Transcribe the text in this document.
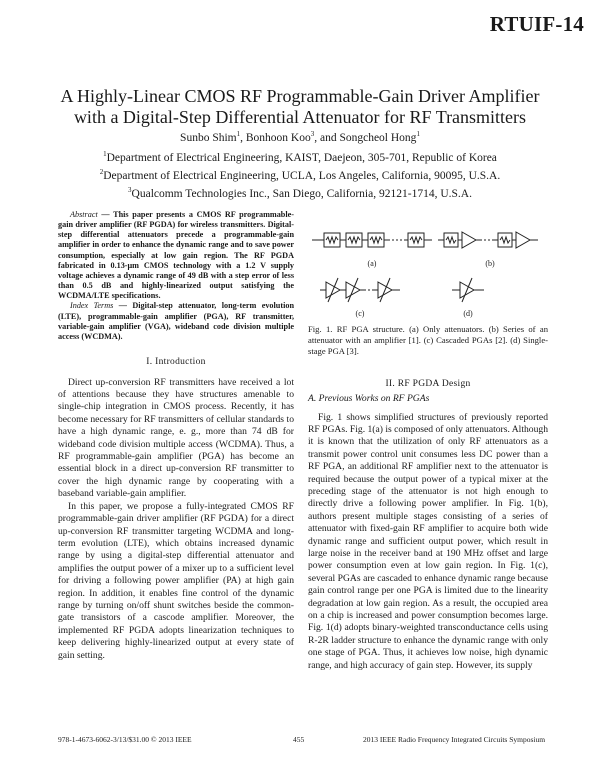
RTUIF-14
A Highly-Linear CMOS RF Programmable-Gain Driver Amplifier
with a Digital-Step Differential Attenuator for RF Transmitters
Sunbo Shim$^1$, Bonhoon Koo$^3$, and Songcheol Hong$^1$
$^1$Department of Electrical Engineering, KAIST, Daejeon, 305-701, Republic of Korea
$^2$Department of Electrical Engineering, UCLA, Los Angeles, California, 90095, U.S.A.
$^3$Qualcomm Technologies Inc., San Diego, California, 92121-1714, U.S.A.

Abstract — This paper presents a CMOS RF programmable-gain driver amplifier (RF PGDA) for wireless transmitters. Digital-step differential attenuators precede a programmable-gain amplifier in order to enhance the dynamic range and to save power consumption, especially at low gain region. The RF PGDA fabricated in 0.13-μm CMOS technology with a 1.2 V supply voltage achieves a dynamic range of 49 dB with a step error of less than 0.5 dB and highly-linearized output satisfying the WCDMA/LTE specifications.

Index Terms — Digital-step attenuator, long-term evolution (LTE), programmable-gain amplifier (PGA), RF transmitter, variable-gain amplifier (VGA), wideband code division multiple access (WCDMA).

I. Introduction

Direct up-conversion RF transmitters have received a lot of attentions because they have structures amenable to single-chip integration in CMOS process. Recently, it has become necessary for RF transmitters of cellular standards to have a high dynamic range, e. g., more than 74 dB for wideband code division multiple access (WCDMA). Thus, a RF programmable-gain amplifier (PGA) has become an essential block in a direct up-conversion RF transmitter to cover the high dynamic range by cooperating with a baseband variable-gain amplifier.

In this paper, we propose a fully-integrated CMOS RF programmable-gain driver amplifier (RF PGDA) for a direct up-conversion RF transmitter targeting WCDMA and long-term evolution (LTE), which obtains increased dynamic range by using a digital-step differential attenuator and amplifies the output power of a mixer up to a sufficient level for driving a following power amplifier (PA) at high gain region. In addition, it enables fine control of the dynamic range by turning on/off shunt switches beside the common-gate transistors of a cascode amplifier. Moreover, the implemented RF PGDA adopts linearization techniques to keep delivering highly-linearized output at every state of gain setting.

(a)	(b)
(c)	(d)

Fig. 1. RF PGA structure. (a) Only attenuators. (b) Series of an attenuator with an amplifier [1]. (c) Cascaded PGAs [2]. (d) Single-stage PGA [3].

II. RF PGDA Design

A. Previous Works on RF PGAs

Fig. 1 shows simplified structures of previously reported RF PGAs. Fig. 1(a) is composed of only attenuators. Although it is known that the utilization of only RF attenuators as a transmit power control unit consumes less DC power than a RF PGA, an additional RF amplifier next to the attenuator is required because the output power of a typical mixer at the preceding stage of the attenuator is not high enough to directly drive a following power amplifier. In Fig. 1(b), authors present multiple stages consisting of a series of attenuator with fixed-gain RF amplifier to acquire both wide dynamic range and sufficient output power, which result in large noise in the receiver band at 190 MHz offset and large power consumption even at low gain region. In Fig. 1(c), several PGAs are cascaded to enhance dynamic range because gain control range per one PGA is limited due to the linearity degradation at low gain region. As a result, the occupied area on a chip is increased and power consumption becomes large. Fig. 1(d) adopts binary-weighted transconductance cells using R-2R ladder structure to enhance the dynamic range with only one stage of PGA. Thus, it achieves low noise, high dynamic range, and high accuracy of gain step. However, its supply

978-1-4673-6062-3/13/$31.00 © 2013 IEEE	455	2013 IEEE Radio Frequency Integrated Circuits Symposium
